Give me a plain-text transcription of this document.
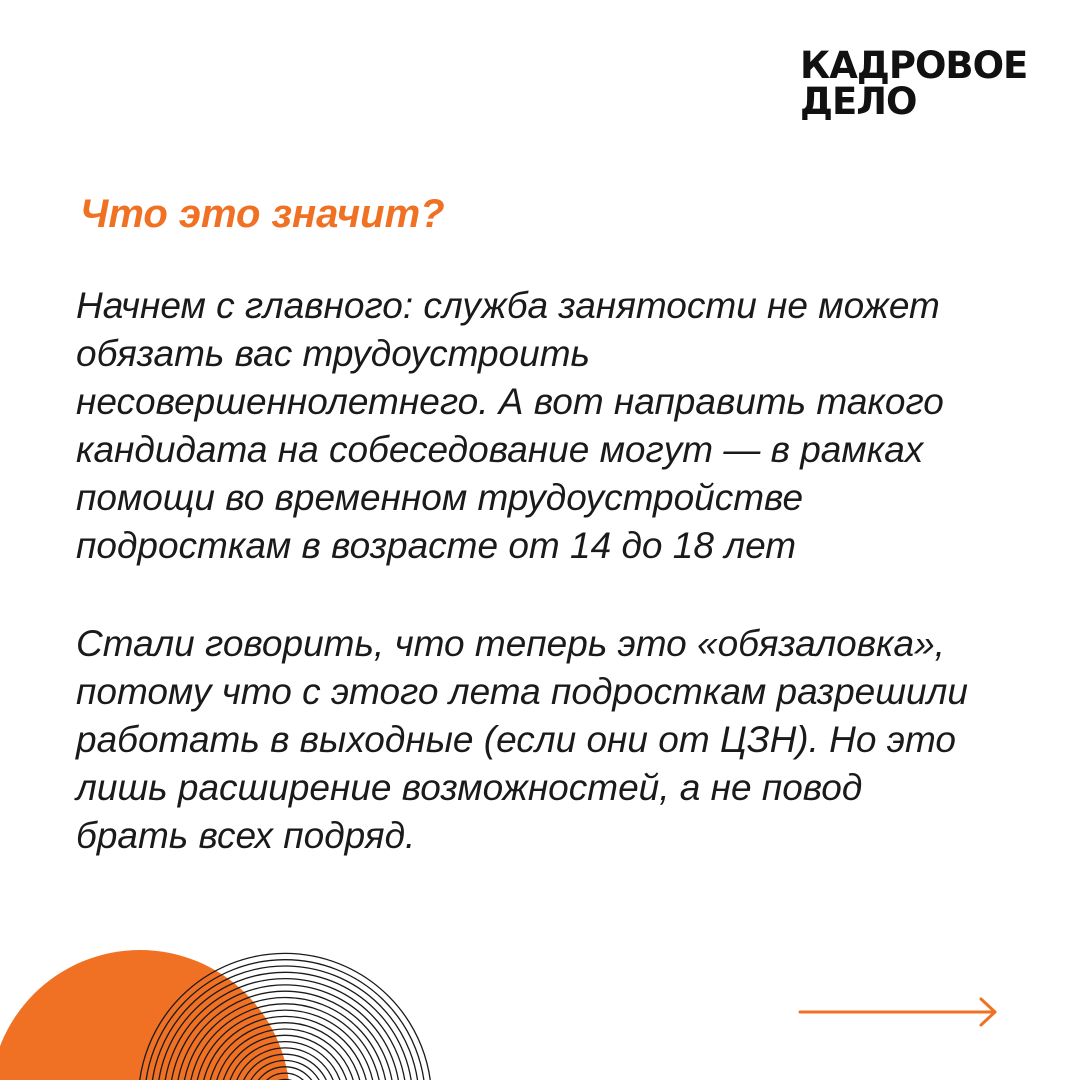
КАДРОВОЕ
ДЕЛО
Что это значит?

Начнем с главного: служба занятости не может
обязать вас трудоустроить
несовершеннолетнего. А вот направить такого
кандидата на собеседование могут — в рамках
помощи во временном трудоустройстве
подросткам в возрасте от 14 до 18 лет

Стали говорить, что теперь это «обязаловка»,
потому что с этого лета подросткам разрешили
работать в выходные (если они от ЦЗН). Но это
лишь расширение возможностей, а не повод
брать всех подряд.
